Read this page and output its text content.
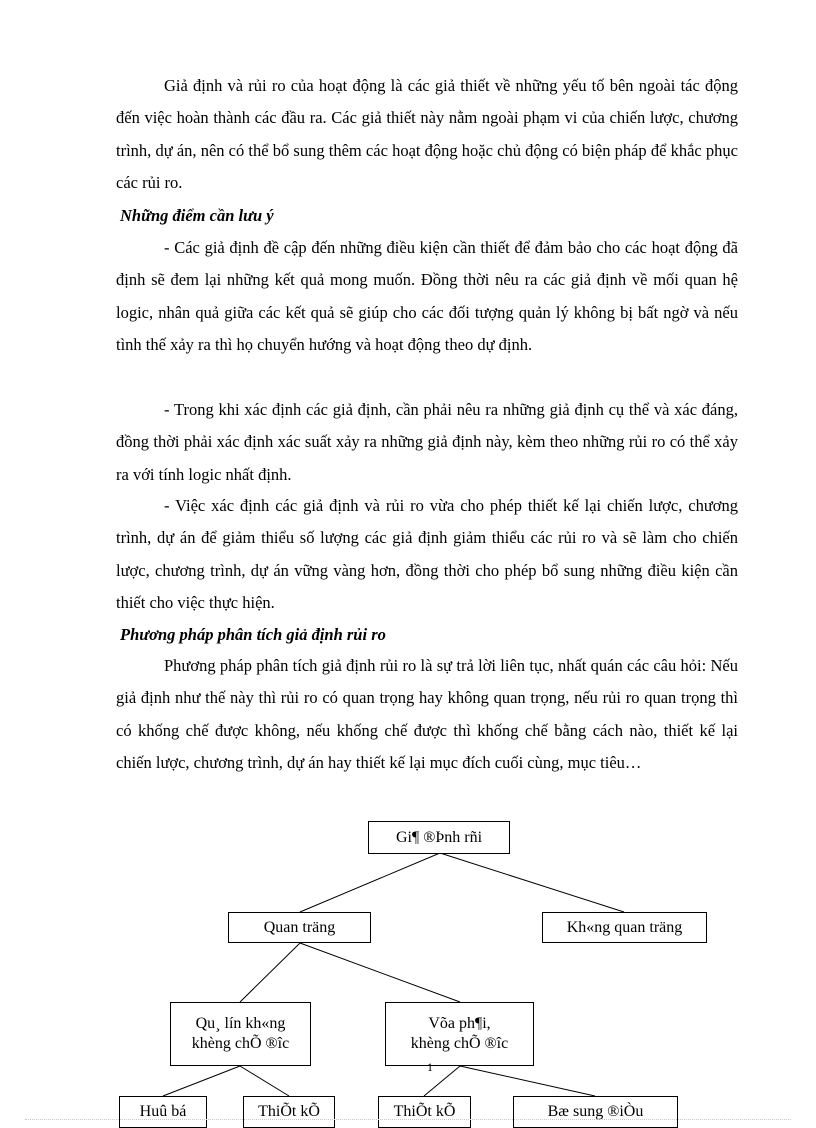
Giả định và rủi ro của hoạt động là các giả thiết về những yếu tố bên ngoài tác động đến việc hoàn thành các đầu ra. Các giả thiết này nằm ngoài phạm vi của chiến lược, chương trình, dự án, nên có thể bổ sung thêm các hoạt động hoặc chủ động có biện pháp để khắc phục các rủi ro.

Những điểm cần lưu ý

- Các giả định đề cập đến những điều kiện cần thiết để đảm bảo cho các hoạt động đã định sẽ đem lại những kết quả mong muốn. Đồng thời nêu ra các giả định về mối quan hệ logic, nhân quả giữa các kết quả sẽ giúp cho các đối tượng quản lý không bị bất ngờ và nếu tình thế xảy ra thì họ chuyển hướng và hoạt động theo dự định.

- Trong khi xác định các giả định, cần phải nêu ra những giả định cụ thể và xác đáng, đồng thời phải xác định xác suất xảy ra những giả định này, kèm theo những rủi ro có thể xảy ra với tính logic nhất định.

- Việc xác định các giả định và rủi ro vừa cho phép thiết kế lại chiến lược, chương trình, dự án để giảm thiểu số lượng các giả định giảm thiểu các rủi ro và sẽ làm cho chiến lược, chương trình, dự án vững vàng hơn, đồng thời cho phép bổ sung những điều kiện cần thiết cho việc thực hiện.

Phương pháp phân tích giả định rủi ro

Phương pháp phân tích giả định rủi ro là sự trả lời liên tục, nhất quán các câu hỏi: Nếu giả định như thế này thì rủi ro có quan trọng hay không quan trọng, nếu rủi ro quan trọng thì có khống chế được không, nếu khống chế được thì khống chế bằng cách nào, thiết kế lại chiến lược, chương trình, dự án hay thiết kế lại mục đích cuối cùng, mục tiêu…

Gi¶ ®Þnh rñi
Quan träng	Kh«ng quan träng
Qu¸ lín kh«ng
khèng chÕ ®îc
Võa ph¶i,
khèng chÕ ®îc
Huû bá	ThiÕt kÕ	ThiÕt kÕ	Bæ sung ®iÒu
1
